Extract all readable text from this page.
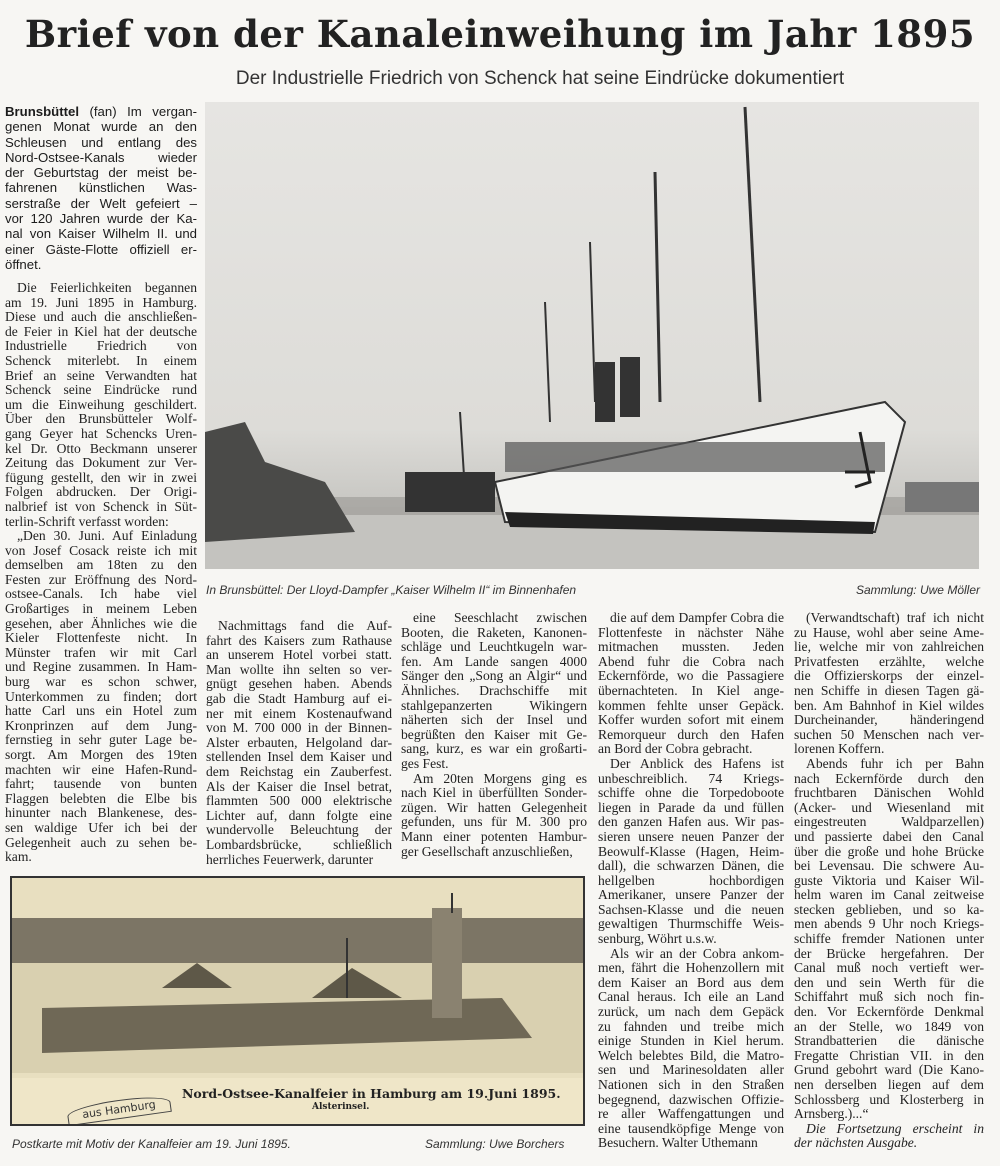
Brief von der Kanaleinweihung im Jahr 1895
Der Industrielle Friedrich von Schenck hat seine Eindrücke dokumentiert
Brunsbüttel (fan) Im vergan-
genen Monat wurde an den
Schleusen und entlang des
Nord-Ostsee-Kanals wieder
der Geburtstag der meist be-
fahrenen künstlichen Was-
serstraße der Welt gefeiert –
vor 120 Jahren wurde der Ka-
nal von Kaiser Wilhelm II. und
einer Gäste-Flotte offiziell er-
öffnet.
Die Feierlichkeiten begannen
am 19. Juni 1895 in Hamburg.
Diese und auch die anschließen-
de Feier in Kiel hat der deutsche
Industrielle Friedrich von
Schenck miterlebt. In einem
Brief an seine Verwandten hat
Schenck seine Eindrücke rund
um die Einweihung geschildert.
Über den Brunsbütteler Wolf-
gang Geyer hat Schencks Uren-
kel Dr. Otto Beckmann unserer
Zeitung das Dokument zur Ver-
fügung gestellt, den wir in zwei
Folgen abdrucken. Der Origi-
nalbrief ist von Schenck in Süt-
terlin-Schrift verfasst worden:
„Den 30. Juni. Auf Einladung
von Josef Cosack reiste ich mit
demselben am 18ten zu den
Festen zur Eröffnung des Nord-
ostsee-Canals. Ich habe viel
Großartiges in meinem Leben
gesehen, aber Ähnliches wie die
Kieler Flottenfeste nicht. In
Münster trafen wir mit Carl
und Regine zusammen. In Ham-
burg war es schon schwer,
Unterkommen zu finden; dort
hatte Carl uns ein Hotel zum
Kronprinzen auf dem Jung-
fernstieg in sehr guter Lage be-
sorgt. Am Morgen des 19ten
machten wir eine Hafen-Rund-
fahrt; tausende von bunten
Flaggen belebten die Elbe bis
hinunter nach Blankenese, des-
sen waldige Ufer ich bei der
Gelegenheit auch zu sehen be-
kam.
Nachmittags fand die Auf-
fahrt des Kaisers zum Rathause
an unserem Hotel vorbei statt.
Man wollte ihn selten so ver-
gnügt gesehen haben. Abends
gab die Stadt Hamburg auf ei-
ner mit einem Kostenaufwand
von M. 700 000 in der Binnen-
Alster erbauten, Helgoland dar-
stellenden Insel dem Kaiser und
dem Reichstag ein Zauberfest.
Als der Kaiser die Insel betrat,
flammten 500 000 elektrische
Lichter auf, dann folgte eine
wundervolle Beleuchtung der
Lombardsbrücke, schließlich
herrliches Feuerwerk, darunter
eine Seeschlacht zwischen
Booten, die Raketen, Kanonen-
schläge und Leuchtkugeln war-
fen. Am Lande sangen 4000
Sänger den „Song an Algir“ und
Ähnliches. Drachschiffe mit
stahlgepanzerten Wikingern
näherten sich der Insel und
begrüßten den Kaiser mit Ge-
sang, kurz, es war ein großarti-
ges Fest.
Am 20ten Morgens ging es
nach Kiel in überfüllten Sonder-
zügen. Wir hatten Gelegenheit
gefunden, uns für M. 300 pro
Mann einer potenten Hambur-
ger Gesellschaft anzuschließen,
die auf dem Dampfer Cobra die
Flottenfeste in nächster Nähe
mitmachen mussten. Jeden
Abend fuhr die Cobra nach
Eckernförde, wo die Passagiere
übernachteten. In Kiel ange-
kommen fehlte unser Gepäck.
Koffer wurden sofort mit einem
Remorqueur durch den Hafen
an Bord der Cobra gebracht.
Der Anblick des Hafens ist
unbeschreiblich. 74 Kriegs-
schiffe ohne die Torpedoboote
liegen in Parade da und füllen
den ganzen Hafen aus. Wir pas-
sieren unsere neuen Panzer der
Beowulf-Klasse (Hagen, Heim-
dall), die schwarzen Dänen, die
hellgelben hochbordigen
Amerikaner, unsere Panzer der
Sachsen-Klasse und die neuen
gewaltigen Thurmschiffe Weis-
senburg, Wöhrt u.s.w.
Als wir an der Cobra ankom-
men, fährt die Hohenzollern mit
dem Kaiser an Bord aus dem
Canal heraus. Ich eile an Land
zurück, um nach dem Gepäck
zu fahnden und treibe mich
einige Stunden in Kiel herum.
Welch belebtes Bild, die Matro-
sen und Marinesoldaten aller
Nationen sich in den Straßen
begegnend, dazwischen Offizie-
re aller Waffengattungen und
eine tausendköpfige Menge von
Besuchern. Walter Uthemann
(Verwandtschaft) traf ich nicht
zu Hause, wohl aber seine Ame-
lie, welche mir von zahlreichen
Privatfesten erzählte, welche
die Offizierskorps der einzel-
nen Schiffe in diesen Tagen gä-
ben. Am Bahnhof in Kiel wildes
Durcheinander, händeringend
suchen 50 Menschen nach ver-
lorenen Koffern.
Abends fuhr ich per Bahn
nach Eckernförde durch den
fruchtbaren Dänischen Wohld
(Acker- und Wiesenland mit
eingestreuten Waldparzellen)
und passierte dabei den Canal
über die große und hohe Brücke
bei Levensau. Die schwere Au-
guste Viktoria und Kaiser Wil-
helm waren im Canal zeitweise
stecken geblieben, und so ka-
men abends 9 Uhr noch Kriegs-
schiffe fremder Nationen unter
der Brücke hergefahren. Der
Canal muß noch vertieft wer-
den und sein Werth für die
Schiffahrt muß sich noch fin-
den. Vor Eckernförde Denkmal
an der Stelle, wo 1849 von
Strandbatterien die dänische
Fregatte Christian VII. in den
Grund gebohrt ward (Die Kano-
nen derselben liegen auf dem
Schlossberg und Klosterberg in
Arnsberg.)...“
Die Fortsetzung erscheint in
der nächsten Ausgabe.
In Brunsbüttel: Der Lloyd-Dampfer „Kaiser Wilhelm II“ im Binnenhafen	Sammlung: Uwe Möller
Nord-Ostsee-Kanalfeier in Hamburg am 19.Juni 1895.
Alsterinsel.
aus Hamburg
Postkarte mit Motiv der Kanalfeier am 19. Juni 1895.	Sammlung: Uwe Borchers
